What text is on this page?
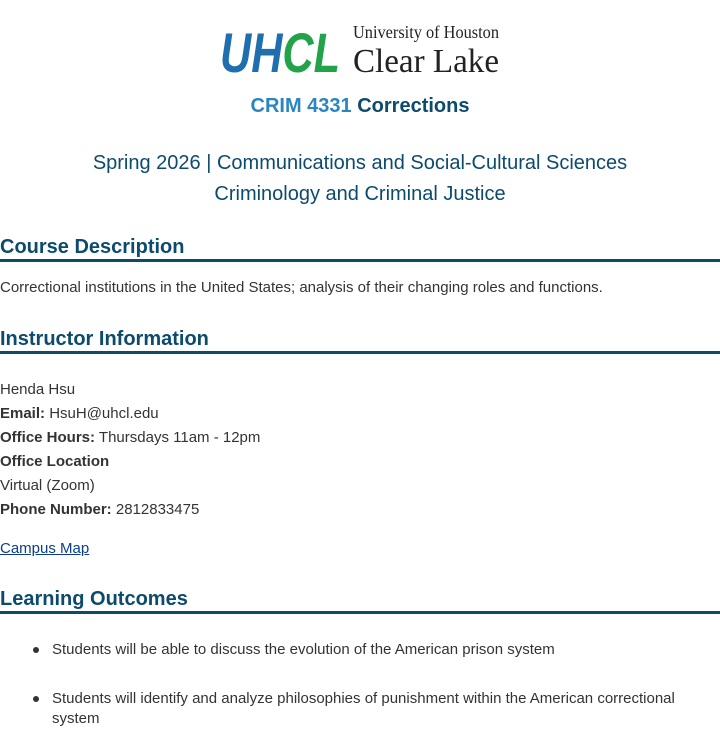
UHCL
University of Houston
Clear Lake
CRIM 4331 Corrections
Spring 2026 | Communications and Social-Cultural Sciences
Criminology and Criminal Justice
Course Description
Correctional institutions in the United States; analysis of their changing roles and functions.
Instructor Information
Henda Hsu
Email: HsuH@uhcl.edu
Office Hours: Thursdays 11am - 12pm
Office Location
Virtual (Zoom)
Phone Number: 2812833475
Campus Map
Learning Outcomes
Students will be able to discuss the evolution of the American prison system
Students will identify and analyze philosophies of punishment within the American correctional system
